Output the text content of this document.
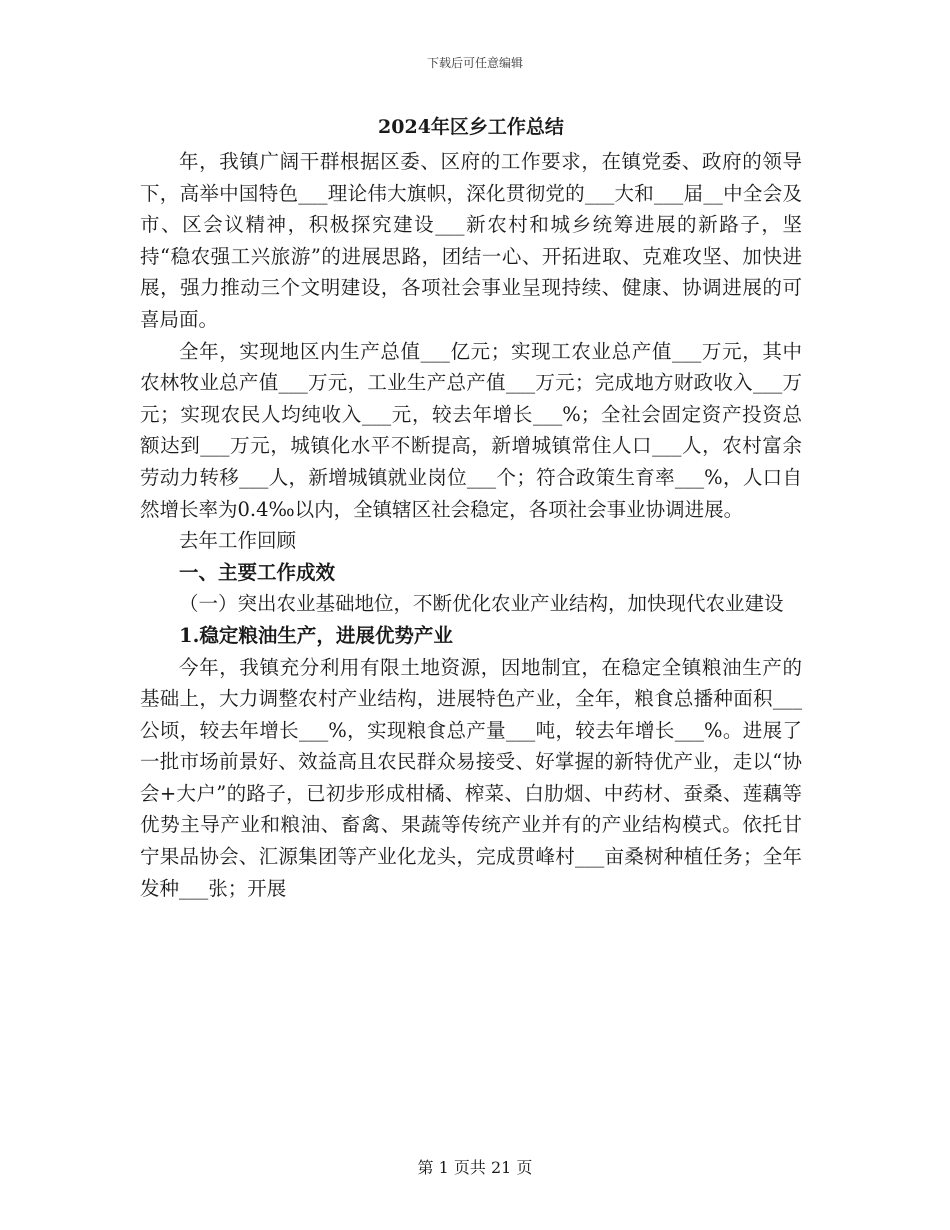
下载后可任意编辑
2024年区乡工作总结

年，我镇广阔干群根据区委、区府的工作要求，在镇党委、政府的领导下，高举中国特色___理论伟大旗帜，深化贯彻党的___大和___届__中全会及市、区会议精神，积极探究建设___新农村和城乡统筹进展的新路子，坚持“稳农强工兴旅游”的进展思路，团结一心、开拓进取、克难攻坚、加快进展，强力推动三个文明建设，各项社会事业呈现持续、健康、协调进展的可喜局面。

全年，实现地区内生产总值___亿元；实现工农业总产值___万元，其中农林牧业总产值___万元，工业生产总产值___万元；完成地方财政收入___万元；实现农民人均纯收入___元，较去年增长___%；全社会固定资产投资总额达到___万元，城镇化水平不断提高，新增城镇常住人口___人，农村富余劳动力转移___人，新增城镇就业岗位___个；符合政策生育率___%，人口自然增长率为0.4‰以内，全镇辖区社会稳定，各项社会事业协调进展。

去年工作回顾

一、主要工作成效

（一）突出农业基础地位，不断优化农业产业结构，加快现代农业建设

1.稳定粮油生产，进展优势产业

今年，我镇充分利用有限土地资源，因地制宜，在稳定全镇粮油生产的基础上，大力调整农村产业结构，进展特色产业，全年，粮食总播种面积___公顷，较去年增长___%，实现粮食总产量___吨，较去年增长___%。进展了一批市场前景好、效益高且农民群众易接受、好掌握的新特优产业，走以“协会+大户”的路子，已初步形成柑橘、榨菜、白肋烟、中药材、蚕桑、莲藕等优势主导产业和粮油、畜禽、果蔬等传统产业并有的产业结构模式。依托甘宁果品协会、汇源集团等产业化龙头，完成贯峰村___亩桑树种植任务；全年发种___张；开展

第 1 页共 21 页
